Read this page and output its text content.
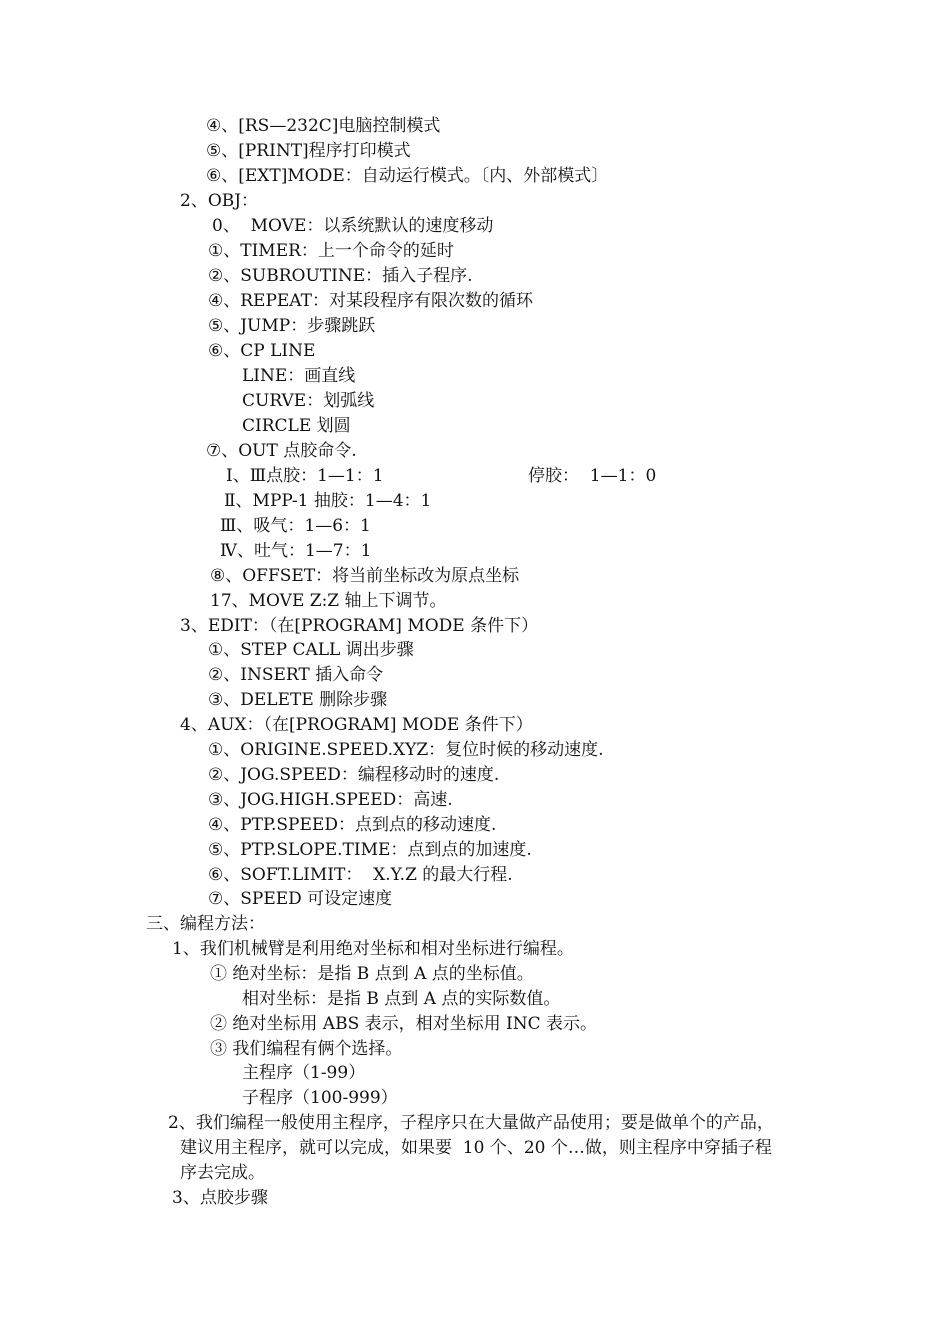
④、[RS—232C]电脑控制模式
⑤、[PRINT]程序打印模式
⑥、[EXT]MODE：自动运行模式。〔内、外部模式〕
2、OBJ：
0、  MOVE：以系统默认的速度移动
①、TIMER：上一个命令的延时
②、SUBROUTINE：插入子程序.
④、REPEAT：对某段程序有限次数的循环
⑤、JUMP：步骤跳跃
⑥、CP LINE
LINE：画直线
CURVE：划弧线
CIRCLE 划圆
⑦、OUT 点胶命令.
Ⅰ、Ⅲ点胶：1—1：1	停胶：  1—1：0
Ⅱ、MPP-1 抽胶：1—4：1
Ⅲ、吸气：1—6：1
Ⅳ、吐气：1—7：1
⑧、OFFSET：将当前坐标改为原点坐标
17、MOVE Z:Z 轴上下调节。
3、EDIT：（在[PROGRAM] MODE 条件下）
①、STEP CALL 调出步骤
②、INSERT 插入命令
③、DELETE 删除步骤
4、AUX：（在[PROGRAM] MODE 条件下）
①、ORIGINE.SPEED.XYZ：复位时候的移动速度.
②、JOG.SPEED：编程移动时的速度.
③、JOG.HIGH.SPEED：高速.
④、PTP.SPEED：点到点的移动速度.
⑤、PTP.SLOPE.TIME：点到点的加速度.
⑥、SOFT.LIMIT：  X.Y.Z 的最大行程.
⑦、SPEED 可设定速度
三、编程方法：
1、我们机械臂是利用绝对坐标和相对坐标进行编程。
① 绝对坐标：是指 B 点到 A 点的坐标值。
相对坐标：是指 B 点到 A 点的实际数值。
② 绝对坐标用 ABS 表示，相对坐标用 INC 表示。
③ 我们编程有俩个选择。
主程序（1-99）
子程序（100-999）
2、我们编程一般使用主程序，子程序只在大量做产品使用；要是做单个的产品，
建议用主程序，就可以完成，如果要  10 个、20 个…做，则主程序中穿插子程
序去完成。
3、点胶步骤
